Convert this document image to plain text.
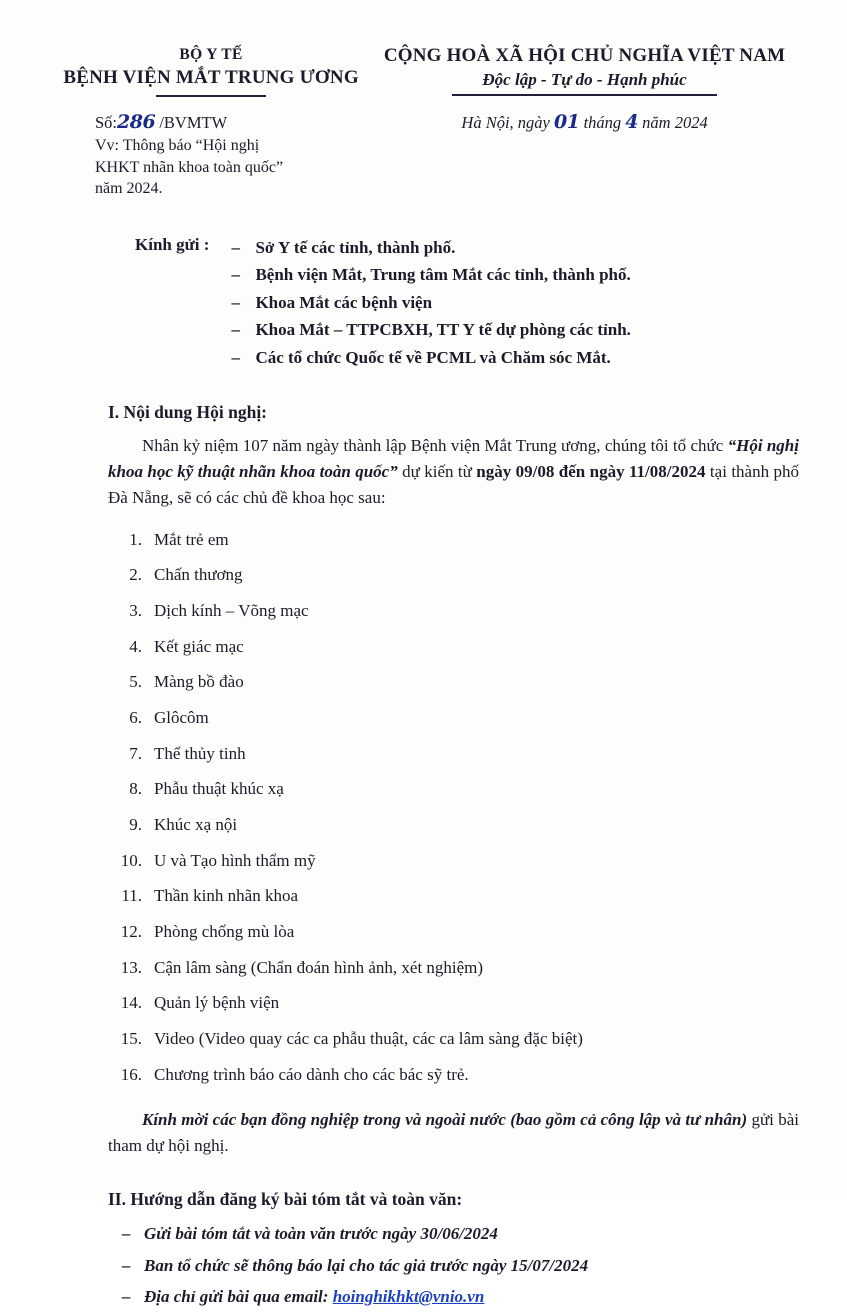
BỘ Y TẾ
BỆNH VIỆN MẮT TRUNG ƯƠNG
CỘNG HOÀ XÃ HỘI CHỦ NGHĨA VIỆT NAM
Độc lập - Tự do - Hạnh phúc
Số:286 /BVMTW	Hà Nội, ngày 01 tháng 4 năm 2024
Vv: Thông báo “Hội nghị KHKT nhãn khoa toàn quốc” năm 2024.
Kính gửi : – Sở Y tế các tỉnh, thành phố.
– Bệnh viện Mắt, Trung tâm Mắt các tỉnh, thành phố.
– Khoa Mắt các bệnh viện
– Khoa Mắt – TTPCBXH, TT Y tế dự phòng các tỉnh.
– Các tổ chức Quốc tế về PCML và Chăm sóc Mắt.
I. Nội dung Hội nghị:
Nhân kỷ niệm 107 năm ngày thành lập Bệnh viện Mắt Trung ương, chúng tôi tổ chức “Hội nghị khoa học kỹ thuật nhãn khoa toàn quốc” dự kiến từ ngày 09/08 đến ngày 11/08/2024 tại thành phố Đà Nẵng, sẽ có các chủ đề khoa học sau:
1. Mắt trẻ em
2. Chấn thương
3. Dịch kính – Võng mạc
4. Kết giác mạc
5. Màng bồ đào
6. Glôcôm
7. Thể thủy tinh
8. Phẫu thuật khúc xạ
9. Khúc xạ nội
10. U và Tạo hình thẩm mỹ
11. Thần kinh nhãn khoa
12. Phòng chống mù lòa
13. Cận lâm sàng (Chẩn đoán hình ảnh, xét nghiệm)
14. Quản lý bệnh viện
15. Video (Video quay các ca phẫu thuật, các ca lâm sàng đặc biệt)
16. Chương trình báo cáo dành cho các bác sỹ trẻ.
Kính mời các bạn đồng nghiệp trong và ngoài nước (bao gồm cả công lập và tư nhân) gửi bài tham dự hội nghị.
II. Hướng dẫn đăng ký bài tóm tắt và toàn văn:
– Gửi bài tóm tắt và toàn văn trước ngày 30/06/2024
– Ban tổ chức sẽ thông báo lại cho tác giả trước ngày 15/07/2024
– Địa chỉ gửi bài qua email: hoinghikhkt@vnio.vn
